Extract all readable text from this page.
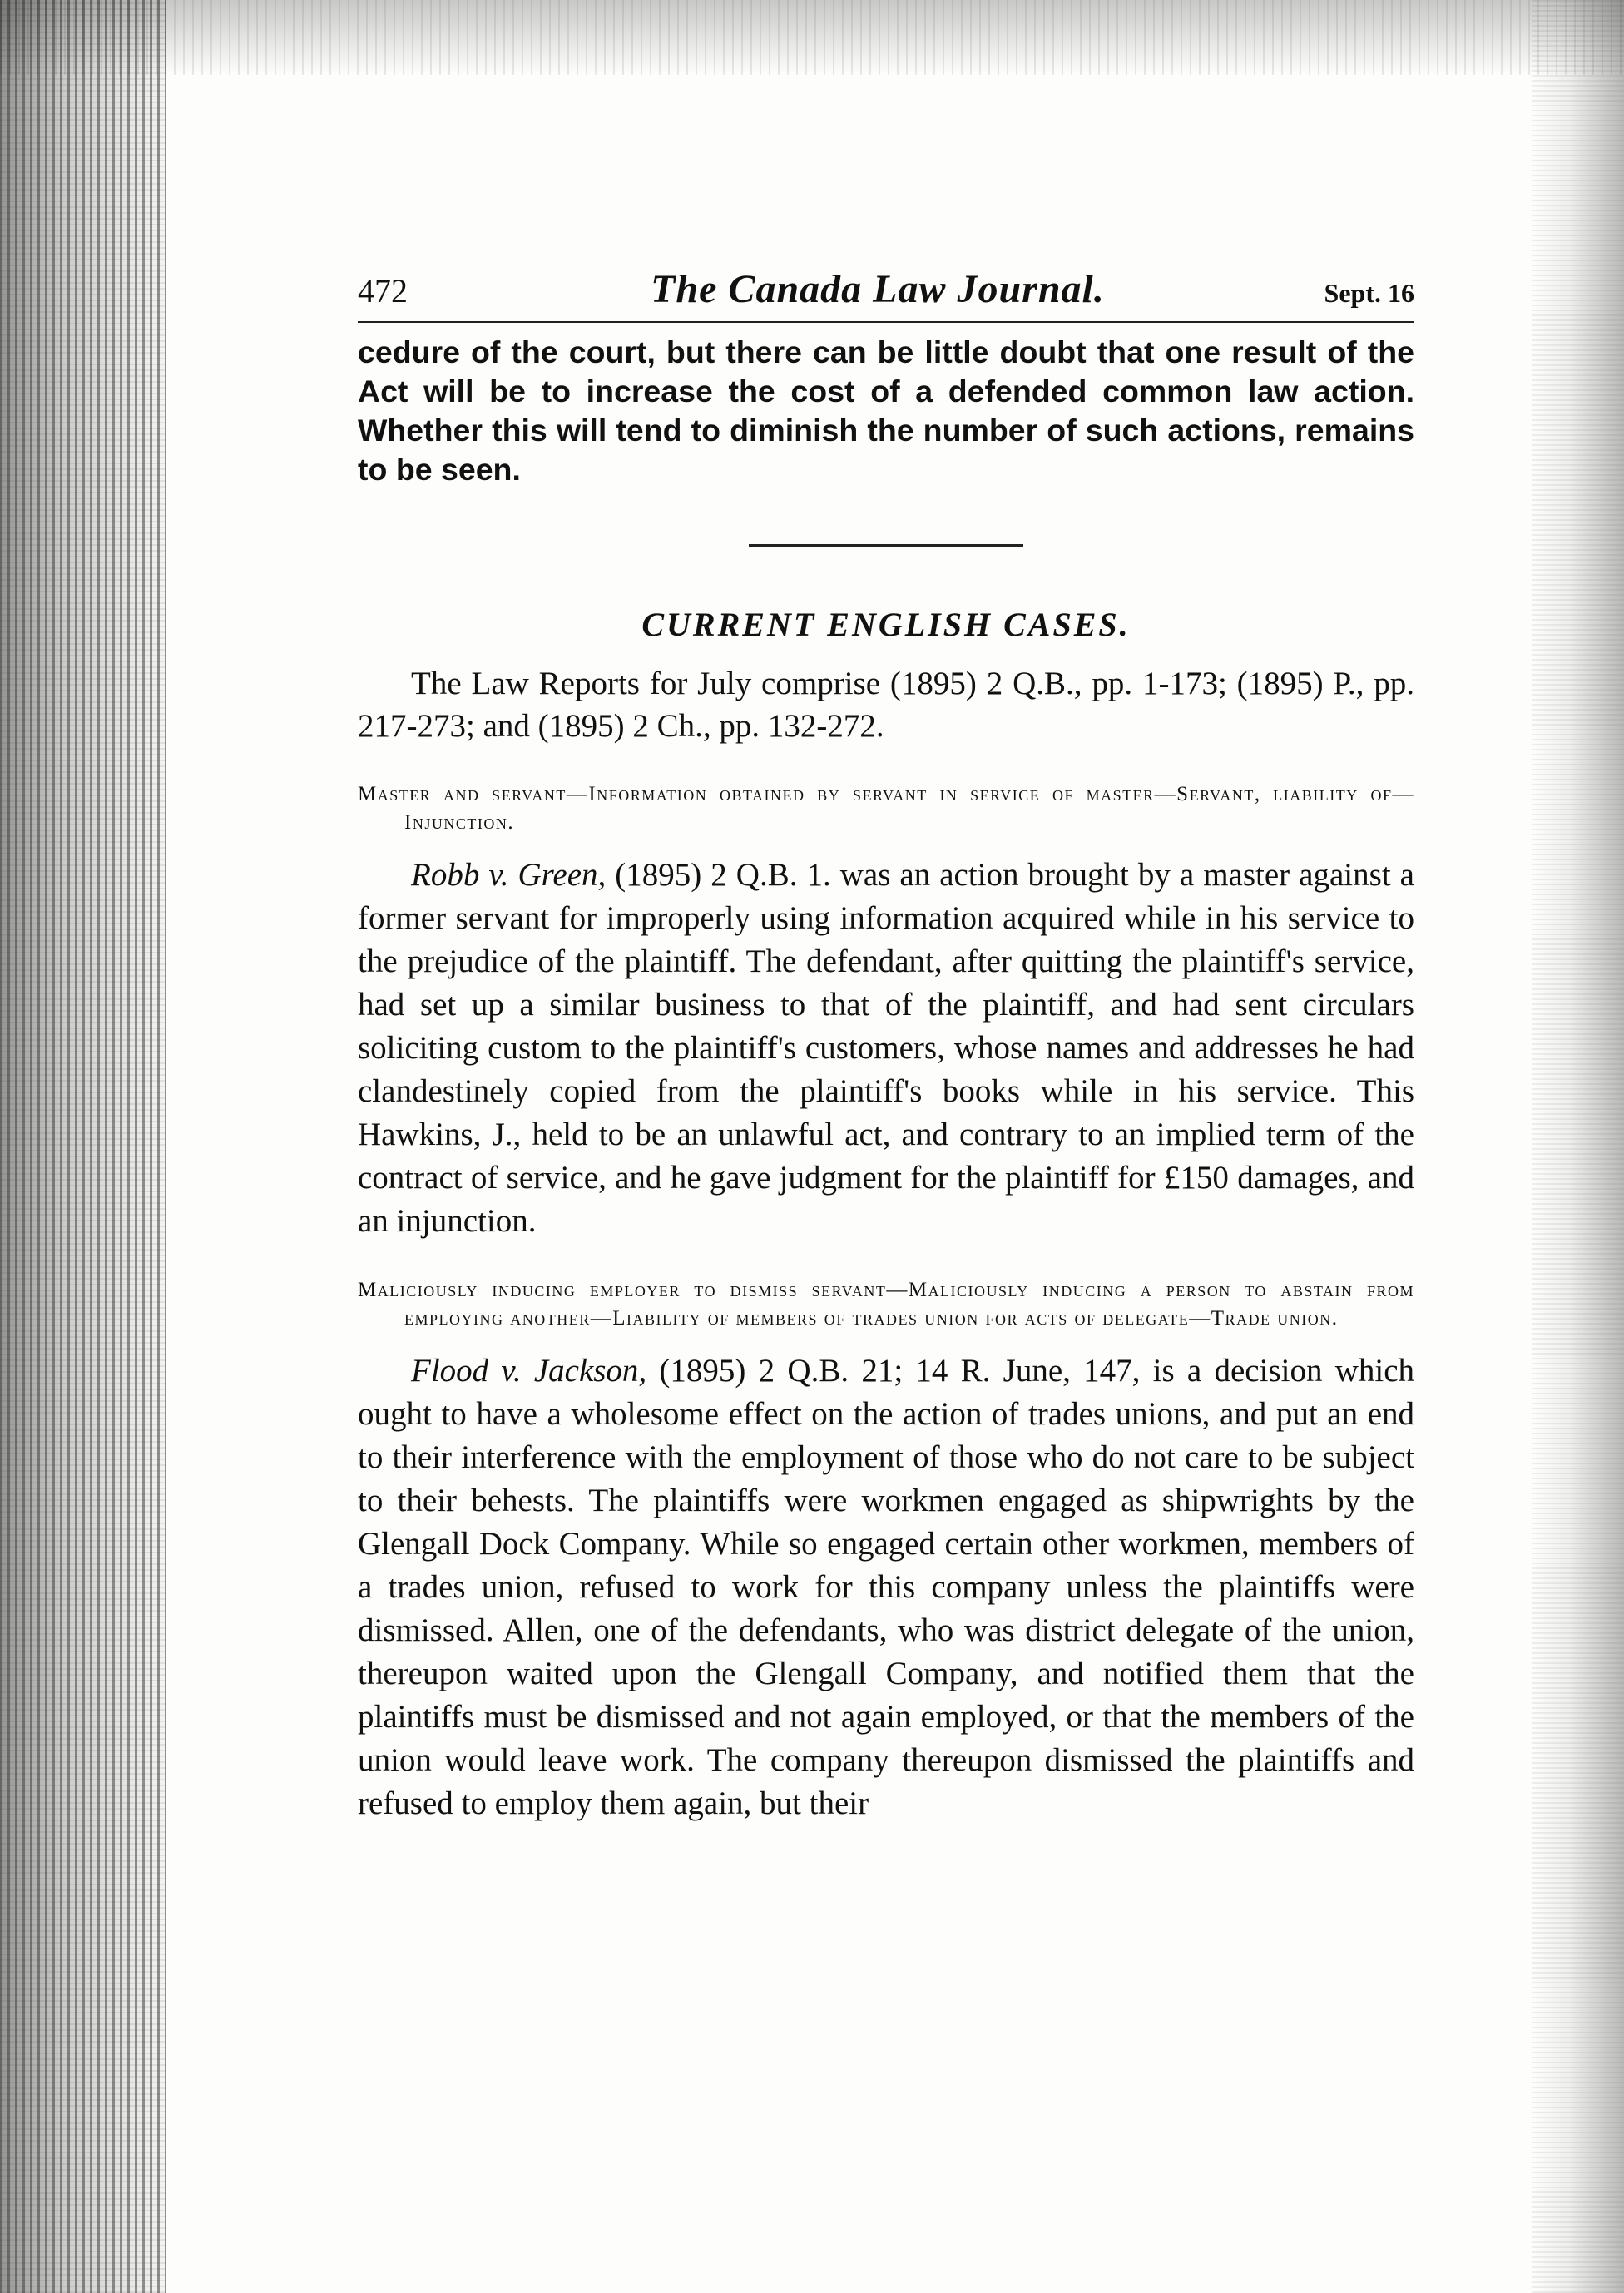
472	The Canada Law Journal.	Sept. 16

cedure of the court, but there can be little doubt that one result of the Act will be to increase the cost of a defended common law action. Whether this will tend to diminish the number of such actions, remains to be seen.

CURRENT ENGLISH CASES.

The Law Reports for July comprise (1895) 2 Q.B., pp. 1-173; (1895) P., pp. 217-273; and (1895) 2 Ch., pp. 132-272.

Master and servant—Information obtained by servant in service of master—Servant, liability of—Injunction.

Robb v. Green, (1895) 2 Q.B. 1. was an action brought by a master against a former servant for improperly using information acquired while in his service to the prejudice of the plaintiff. The defendant, after quitting the plaintiff's service, had set up a similar business to that of the plaintiff, and had sent circulars soliciting custom to the plaintiff's customers, whose names and addresses he had clandestinely copied from the plaintiff's books while in his service. This Hawkins, J., held to be an unlawful act, and contrary to an implied term of the contract of service, and he gave judgment for the plaintiff for £150 damages, and an injunction.

Maliciously inducing employer to dismiss servant—Maliciously inducing a person to abstain from employing another—Liability of members of trades union for acts of delegate—Trade union.

Flood v. Jackson, (1895) 2 Q.B. 21; 14 R. June, 147, is a decision which ought to have a wholesome effect on the action of trades unions, and put an end to their interference with the employment of those who do not care to be subject to their behests. The plaintiffs were workmen engaged as shipwrights by the Glengall Dock Company. While so engaged certain other workmen, members of a trades union, refused to work for this company unless the plaintiffs were dismissed. Allen, one of the defendants, who was district delegate of the union, thereupon waited upon the Glengall Company, and notified them that the plaintiffs must be dismissed and not again employed, or that the members of the union would leave work. The company thereupon dismissed the plaintiffs and refused to employ them again, but their
